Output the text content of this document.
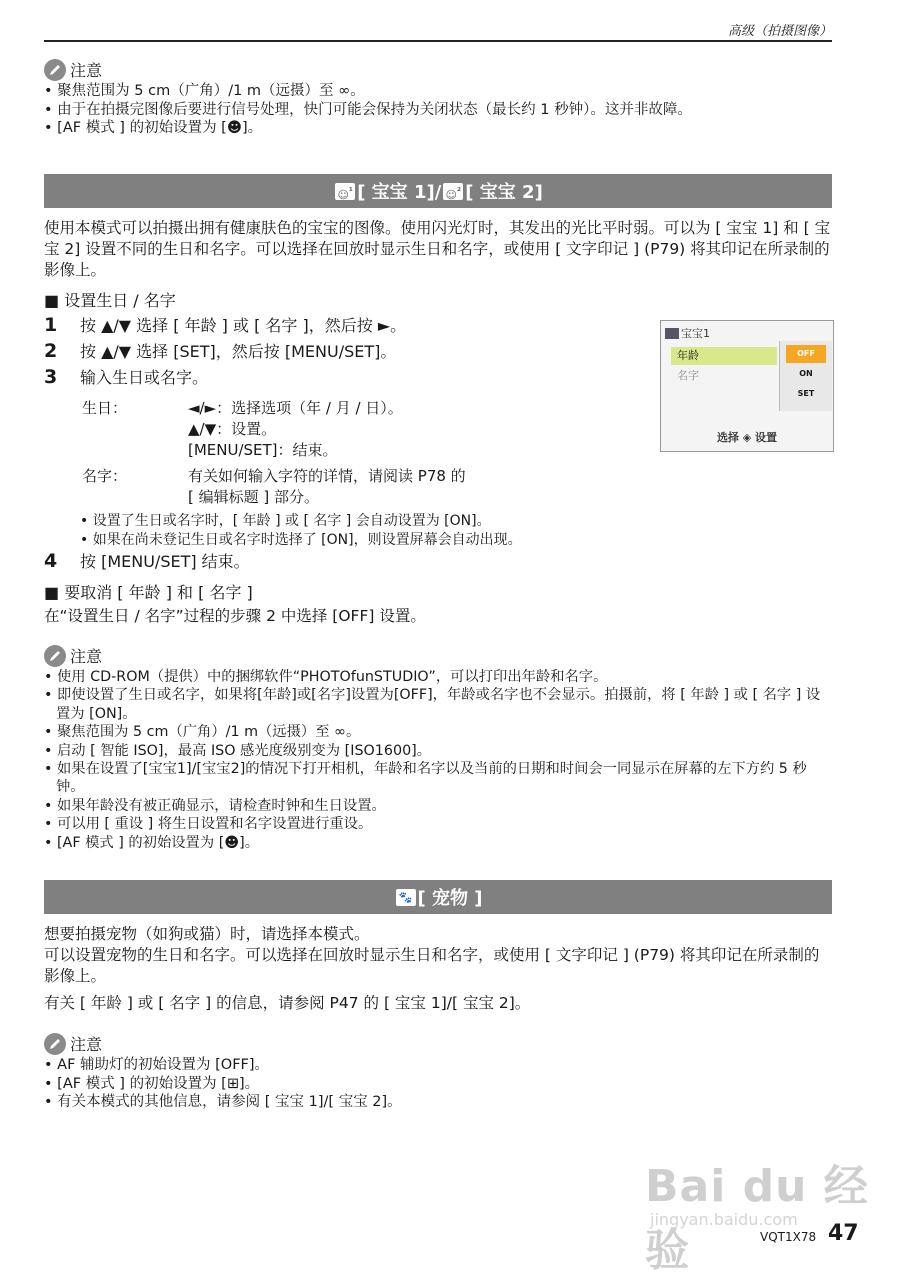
高级（拍摄图像）
注意
• 聚焦范围为 5 cm（广角）/1 m（远摄）至 ∞。
• 由于在拍摄完图像后要进行信号处理，快门可能会保持为关闭状态（最长约 1 秒钟）。这并非故障。
• [AF 模式 ] 的初始设置为 [☻]。
☺$^{^1}$ [ 宝宝 1]/ ☺$^{^2}$ [ 宝宝 2]
使用本模式可以拍摄出拥有健康肤色的宝宝的图像。使用闪光灯时，其发出的光比平时弱。可以为 [ 宝宝 1] 和 [ 宝宝 2] 设置不同的生日和名字。可以选择在回放时显示生日和名字，或使用 [ 文字印记 ] (P79) 将其印记在所录制的影像上。
■ 设置生日 / 名字
1 按 ▲/▼ 选择 [ 年龄 ] 或 [ 名字 ]，然后按 ►。
2 按 ▲/▼ 选择 [SET]，然后按 [MENU/SET]。
3 输入生日或名字。
生日：	◄/►：选择选项（年 / 月 / 日）。
▲/▼：设置。
[MENU/SET]：结束。
名字：	有关如何输入字符的详情，请阅读 P78 的
[ 编辑标题 ] 部分。
• 设置了生日或名字时，[ 年龄 ] 或 [ 名字 ] 会自动设置为 [ON]。
• 如果在尚未登记生日或名字时选择了 [ON]，则设置屏幕会自动出现。
4 按 [MENU/SET] 结束。
■ 要取消 [ 年龄 ] 和 [ 名字 ]
在“设置生日 / 名字”过程的步骤 2 中选择 [OFF] 设置。
宝宝1
年龄
名字
OFF
ON
SET
选择 ◈ 设置
注意
• 使用 CD-ROM（提供）中的捆绑软件“PHOTOfunSTUDIO”，可以打印出年龄和名字。
• 即使设置了生日或名字，如果将[年龄]或[名字]设置为[OFF]，年龄或名字也不会显示。拍摄前，将 [ 年龄 ] 或 [ 名字 ] 设置为 [ON]。
• 聚焦范围为 5 cm（广角）/1 m（远摄）至 ∞。
• 启动 [ 智能 ISO]，最高 ISO 感光度级别变为 [ISO1600]。
• 如果在设置了[宝宝1]/[宝宝2]的情况下打开相机，年龄和名字以及当前的日期和时间会一同显示在屏幕的左下方约 5 秒钟。
• 如果年龄没有被正确显示，请检查时钟和生日设置。
• 可以用 [ 重设 ] 将生日设置和名字设置进行重设。
• [AF 模式 ] 的初始设置为 [☻]。
🐾 [ 宠物 ]
想要拍摄宠物（如狗或猫）时，请选择本模式。
可以设置宠物的生日和名字。可以选择在回放时显示生日和名字，或使用 [ 文字印记 ] (P79) 将其印记在所录制的影像上。
有关 [ 年龄 ] 或 [ 名字 ] 的信息，请参阅 P47 的 [ 宝宝 1]/[ 宝宝 2]。
注意
• AF 辅助灯的初始设置为 [OFF]。
• [AF 模式 ] 的初始设置为 [⊞]。
• 有关本模式的其他信息，请参阅 [ 宝宝 1]/[ 宝宝 2]。
Bai du 经验
jingyan.baidu.com
VQT1X78 47
